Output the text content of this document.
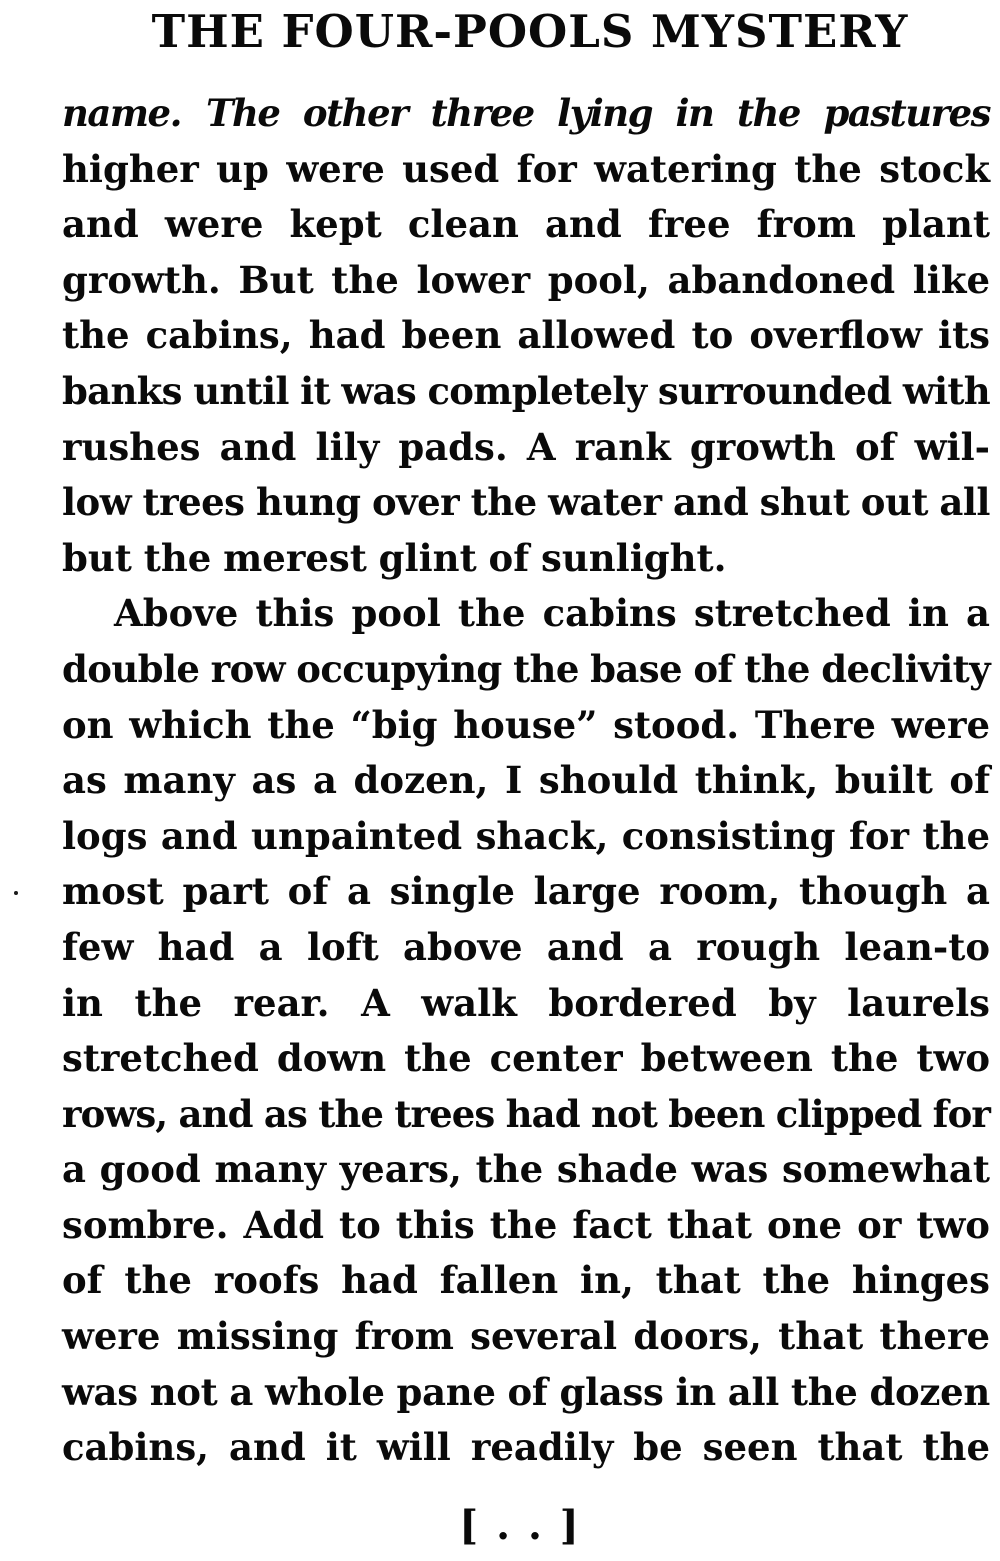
THE FOUR-POOLS MYSTERY
name. The other three lying in the pastures
higher up were used for watering the stock
and were kept clean and free from plant
growth. But the lower pool, abandoned like
the cabins, had been allowed to overflow its
banks until it was completely surrounded with
rushes and lily pads. A rank growth of wil-
low trees hung over the water and shut out all
but the merest glint of sunlight.
Above this pool the cabins stretched in a
double row occupying the base of the declivity
on which the “big house” stood. There were
as many as a dozen, I should think, built of
logs and unpainted shack, consisting for the
most part of a single large room, though a
few had a loft above and a rough lean-to
in the rear. A walk bordered by laurels
stretched down the center between the two
rows, and as the trees had not been clipped for
a good many years, the shade was somewhat
sombre. Add to this the fact that one or two
of the roofs had fallen in, that the hinges
were missing from several doors, that there
was not a whole pane of glass in all the dozen
cabins, and it will readily be seen that the
[ . . ]
